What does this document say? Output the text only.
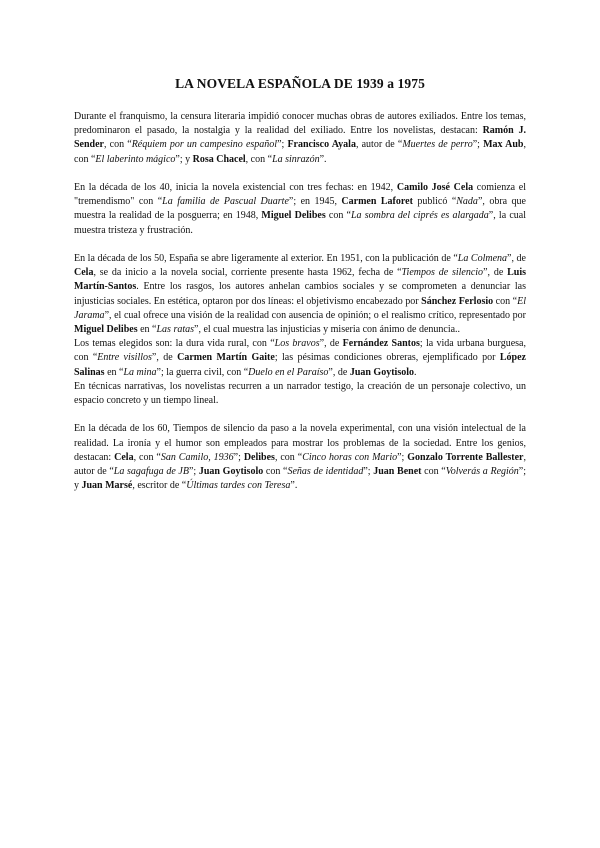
LA NOVELA ESPAÑOLA DE 1939 a 1975

Durante el franquismo, la censura literaria impidió conocer muchas obras de autores exiliados. Entre los temas, predominaron el pasado, la nostalgia y la realidad del exiliado. Entre los novelistas, destacan: Ramón J. Sender, con “Réquiem por un campesino español”; Francisco Ayala, autor de “Muertes de perro”; Max Aub, con “El laberinto mágico”; y Rosa Chacel, con “La sinrazón”.

En la década de los 40, inicia la novela existencial con tres fechas: en 1942, Camilo José Cela comienza el "tremendismo" con “La familia de Pascual Duarte”; en 1945, Carmen Laforet publicó “Nada”, obra que muestra la realidad de la posguerra; en 1948, Miguel Delibes con “La sombra del ciprés es alargada”, la cual muestra tristeza y frustración.

En la década de los 50, España se abre ligeramente al exterior. En 1951, con la publicación de “La Colmena”, de Cela, se da inicio a la novela social, corriente presente hasta 1962, fecha de “Tiempos de silencio”, de Luis Martín-Santos. Entre los rasgos, los autores anhelan cambios sociales y se comprometen a denunciar las injusticias sociales. En estética, optaron por dos líneas: el objetivismo encabezado por Sánchez Ferlosio con “El Jarama”, el cual ofrece una visión de la realidad con ausencia de opinión; o el realismo crítico, representado por Miguel Delibes en “Las ratas”, el cual muestra las injusticias y miseria con ánimo de denuncia..

Los temas elegidos son: la dura vida rural, con “Los bravos”, de Fernández Santos; la vida urbana burguesa, con “Entre visillos”, de Carmen Martín Gaite; las pésimas condiciones obreras, ejemplificado por López Salinas en “La mina”; la guerra civil, con “Duelo en el Paraíso”, de Juan Goytisolo.

En técnicas narrativas, los novelistas recurren a un narrador testigo, la creación de un personaje colectivo, un espacio concreto y un tiempo lineal.

En la década de los 60, Tiempos de silencio da paso a la novela experimental, con una visión intelectual de la realidad. La ironía y el humor son empleados para mostrar los problemas de la sociedad. Entre los genios, destacan: Cela, con “San Camilo, 1936”; Delibes, con “Cinco horas con Mario”; Gonzalo Torrente Ballester, autor de “La sagafuga de JB”; Juan Goytisolo con “Señas de identidad”; Juan Benet con “Volverás a Región”; y Juan Marsé, escritor de “Últimas tardes con Teresa”.
